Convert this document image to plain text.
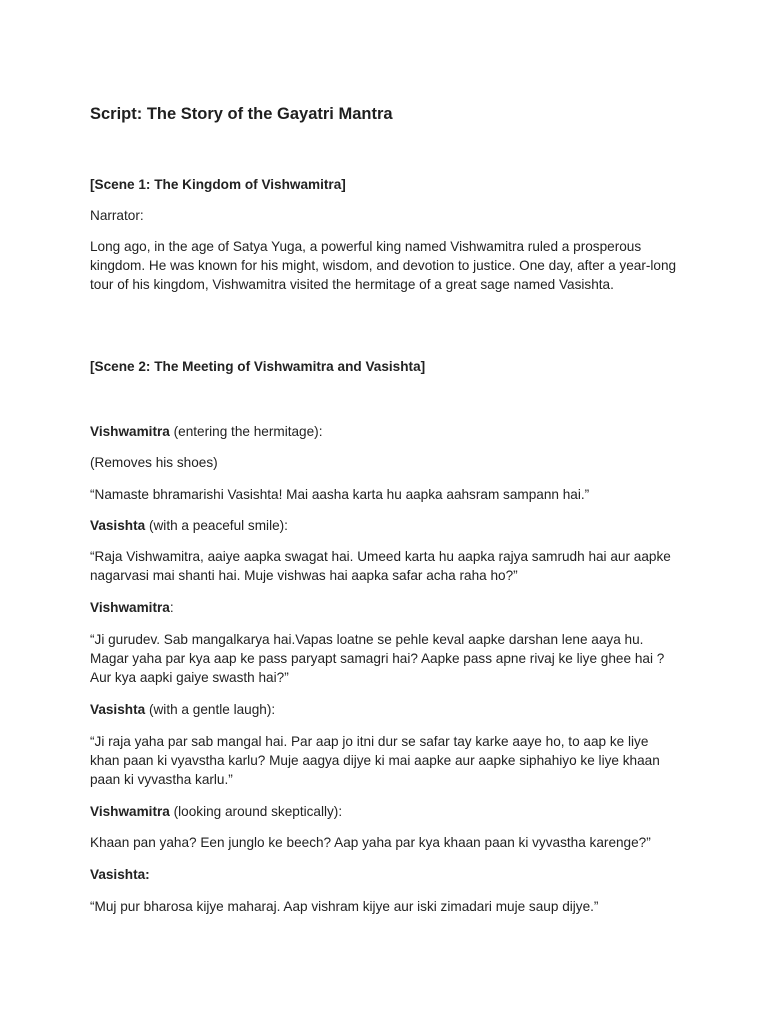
Script: The Story of the Gayatri Mantra

[Scene 1: The Kingdom of Vishwamitra]

Narrator:

Long ago, in the age of Satya Yuga, a powerful king named Vishwamitra ruled a prosperous kingdom. He was known for his might, wisdom, and devotion to justice. One day, after a year-long tour of his kingdom, Vishwamitra visited the hermitage of a great sage named Vasishta.

[Scene 2: The Meeting of Vishwamitra and Vasishta]

Vishwamitra (entering the hermitage):

(Removes his shoes)

“Namaste bhramarishi Vasishta! Mai aasha karta hu aapka aahsram sampann hai.”

Vasishta (with a peaceful smile):

“Raja Vishwamitra, aaiye aapka swagat hai. Umeed karta hu aapka rajya samrudh hai aur aapke nagarvasi mai shanti hai. Muje vishwas hai aapka safar acha raha ho?”

Vishwamitra:

“Ji gurudev. Sab mangalkarya hai.Vapas loatne se pehle keval aapke darshan lene aaya hu. Magar yaha par kya aap ke pass paryapt samagri hai? Aapke pass apne rivaj ke liye ghee hai ? Aur kya aapki gaiye swasth hai?”

Vasishta (with a gentle laugh):

“Ji raja yaha par sab mangal hai. Par aap jo itni dur se safar tay karke aaye ho, to aap ke liye khan paan ki vyavstha karlu? Muje aagya dijye ki mai aapke aur aapke siphahiyo ke liye khaan paan ki vyvastha karlu.”

Vishwamitra (looking around skeptically):

Khaan pan yaha? Een junglo ke beech? Aap yaha par kya khaan paan ki vyvastha karenge?”

Vasishta:

“Muj pur bharosa kijye maharaj. Aap vishram kijye aur iski zimadari muje saup dijye.”
